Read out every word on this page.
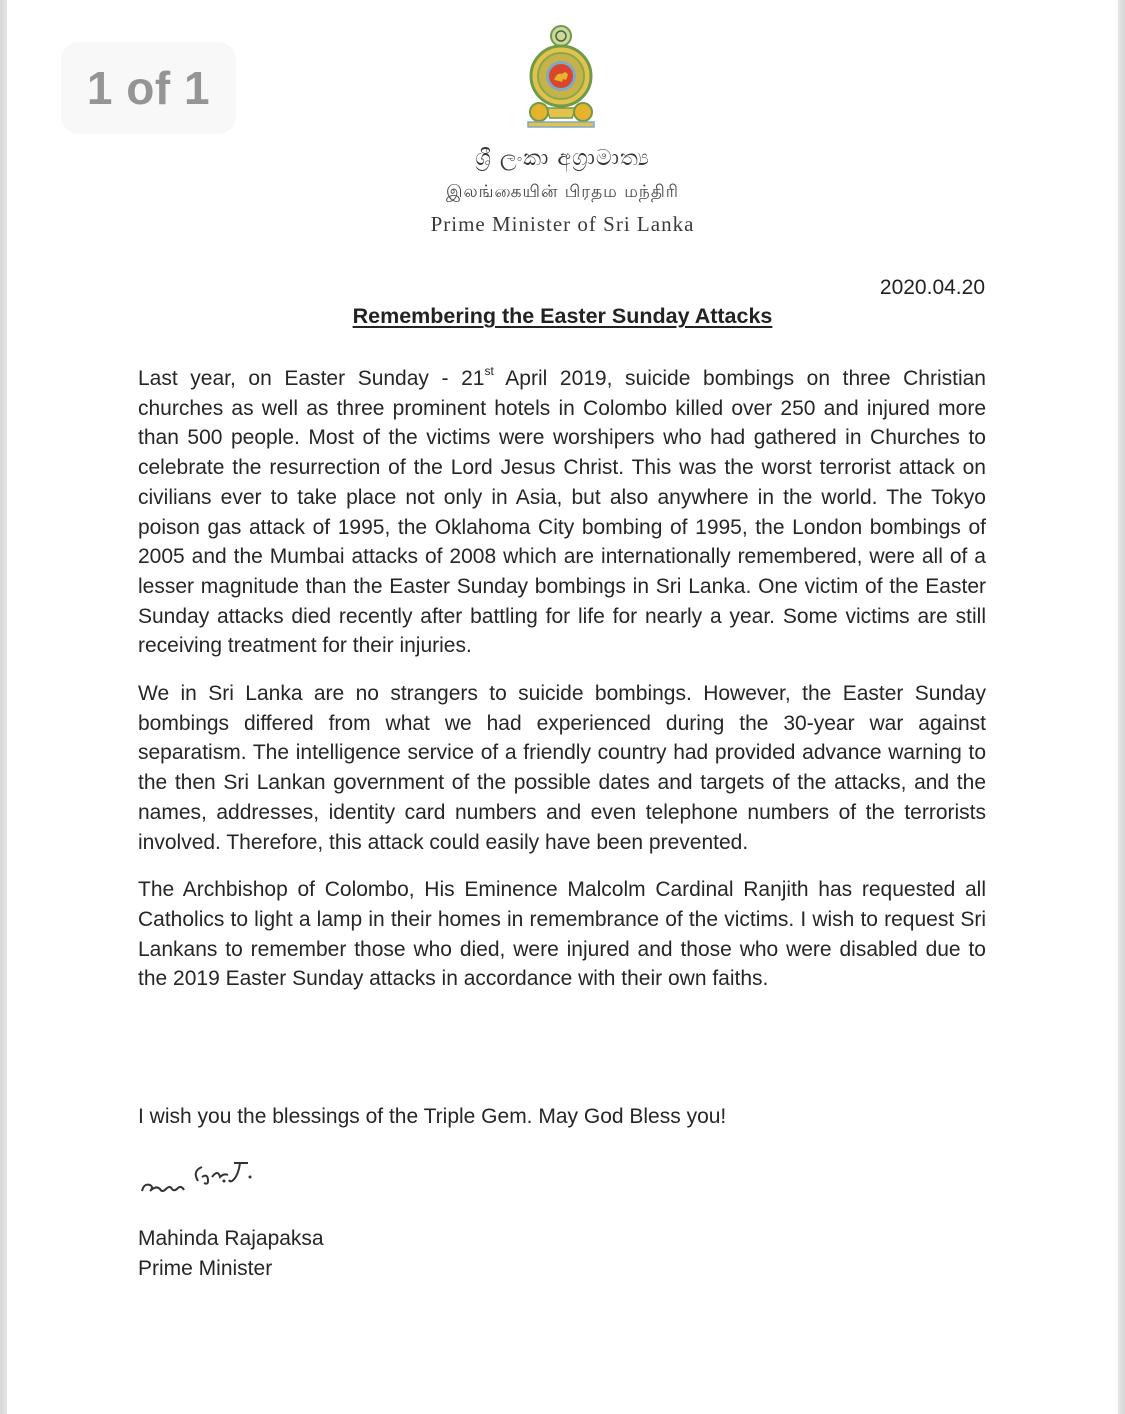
1 of 1
ශ්‍රී ලංකා අග්‍රාමාත්‍ය
இலங்கையின் பிரதம மந்திரி
Prime Minister of Sri Lanka
2020.04.20
Remembering the Easter Sunday Attacks

Last year, on Easter Sunday - 21st April 2019, suicide bombings on three Christian churches as well as three prominent hotels in Colombo killed over 250 and injured more than 500 people. Most of the victims were worshipers who had gathered in Churches to celebrate the resurrection of the Lord Jesus Christ. This was the worst terrorist attack on civilians ever to take place not only in Asia, but also anywhere in the world. The Tokyo poison gas attack of 1995, the Oklahoma City bombing of 1995, the London bombings of 2005 and the Mumbai attacks of 2008 which are internationally remembered, were all of a lesser magnitude than the Easter Sunday bombings in Sri Lanka. One victim of the Easter Sunday attacks died recently after battling for life for nearly a year. Some victims are still receiving treatment for their injuries.

We in Sri Lanka are no strangers to suicide bombings. However, the Easter Sunday bombings differed from what we had experienced during the 30-year war against separatism. The intelligence service of a friendly country had provided advance warning to the then Sri Lankan government of the possible dates and targets of the attacks, and the names, addresses, identity card numbers and even telephone numbers of the terrorists involved. Therefore, this attack could easily have been prevented.

The Archbishop of Colombo, His Eminence Malcolm Cardinal Ranjith has requested all Catholics to light a lamp in their homes in remembrance of the victims. I wish to request Sri Lankans to remember those who died, were injured and those who were disabled due to the 2019 Easter Sunday attacks in accordance with their own faiths.

I wish you the blessings of the Triple Gem. May God Bless you!
Mahinda Rajapaksa
Prime Minister
